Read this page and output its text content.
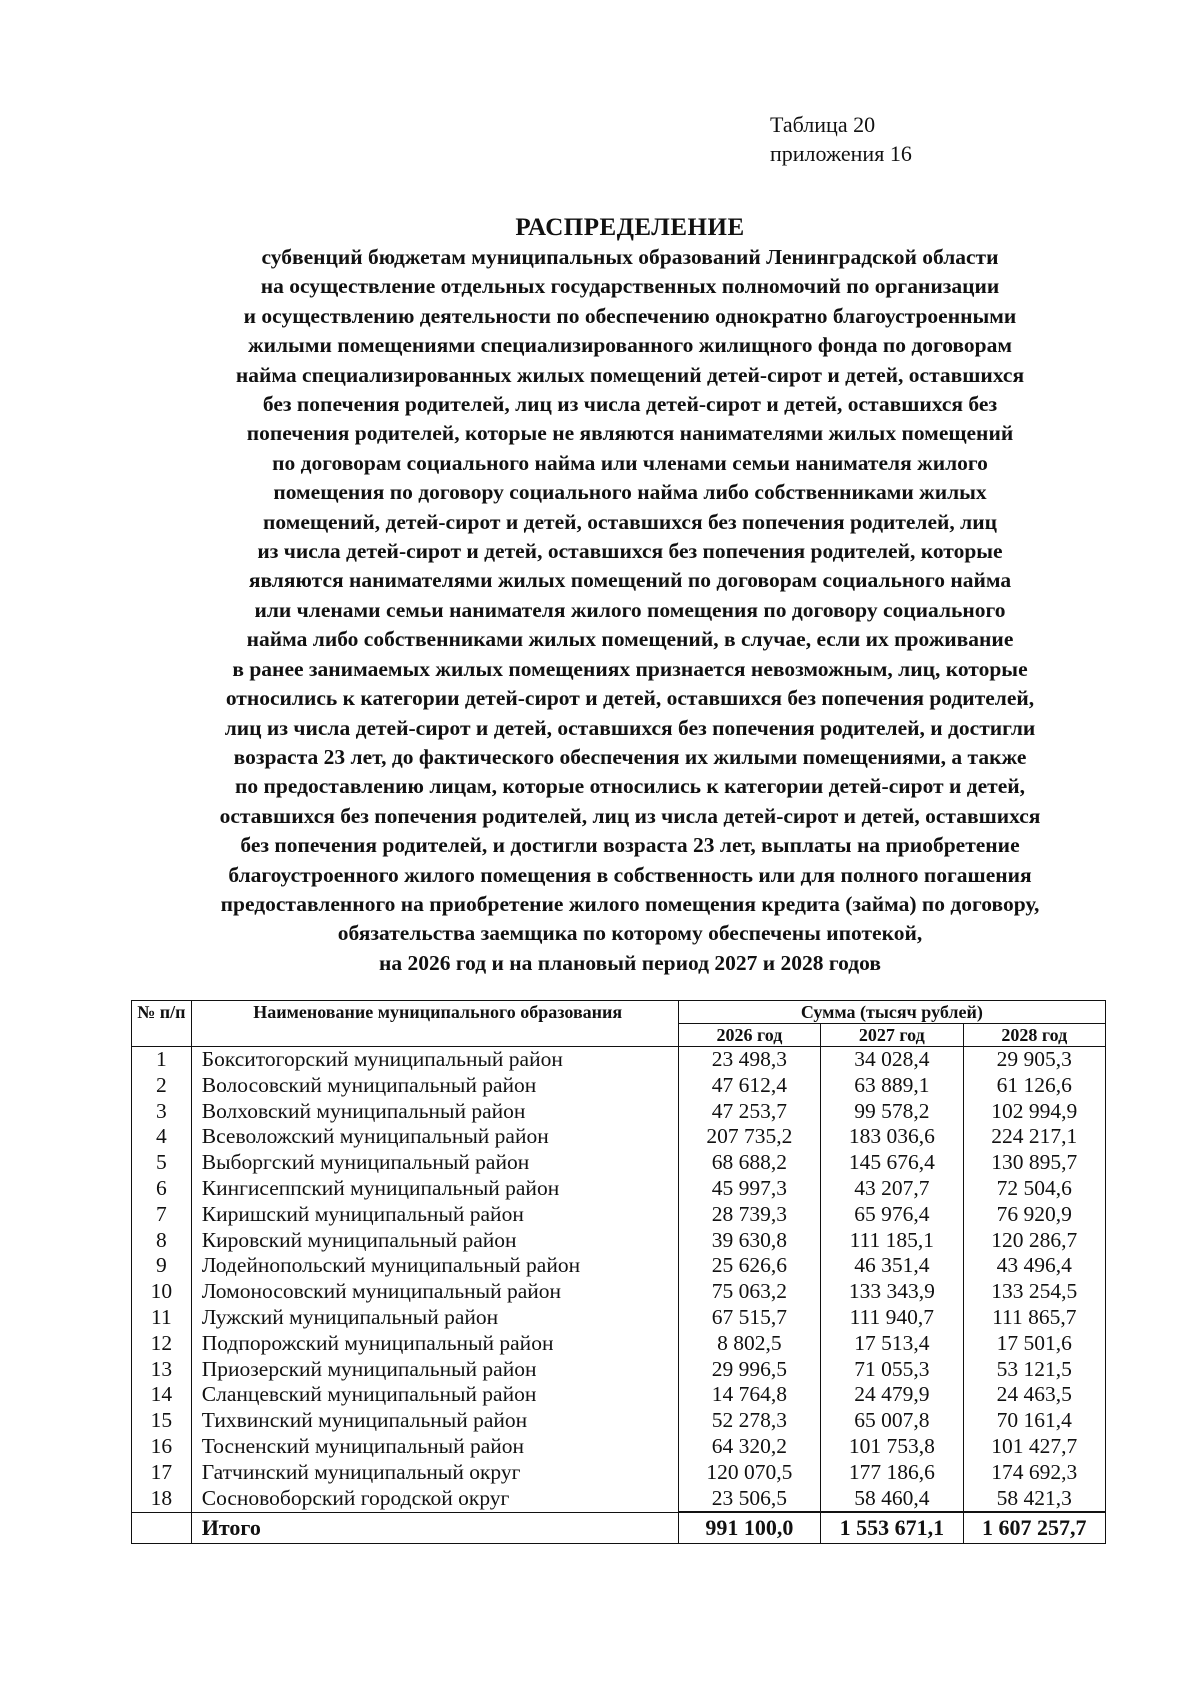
Таблица 20
приложения 16
РАСПРЕДЕЛЕНИЕ
субвенций бюджетам муниципальных образований Ленинградской области
на осуществление отдельных государственных полномочий по организации
и осуществлению деятельности по обеспечению однократно благоустроенными
жилыми помещениями специализированного жилищного фонда по договорам
найма специализированных жилых помещений детей-сирот и детей, оставшихся
без попечения родителей, лиц из числа детей-сирот и детей, оставшихся без
попечения родителей, которые не являются нанимателями жилых помещений
по договорам социального найма или членами семьи нанимателя жилого
помещения по договору социального найма либо собственниками жилых
помещений, детей-сирот и детей, оставшихся без попечения родителей, лиц
из числа детей-сирот и детей, оставшихся без попечения родителей, которые
являются нанимателями жилых помещений по договорам социального найма
или членами семьи нанимателя жилого помещения по договору социального
найма либо собственниками жилых помещений, в случае, если их проживание
в ранее занимаемых жилых помещениях признается невозможным, лиц, которые
относились к категории детей-сирот и детей, оставшихся без попечения родителей,
лиц из числа детей-сирот и детей, оставшихся без попечения родителей, и достигли
возраста 23 лет, до фактического обеспечения их жилыми помещениями, а также
по предоставлению лицам, которые относились к категории детей-сирот и детей,
оставшихся без попечения родителей, лиц из числа детей-сирот и детей, оставшихся
без попечения родителей, и достигли возраста 23 лет, выплаты на приобретение
благоустроенного жилого помещения в собственность или для полного погашения
предоставленного на приобретение жилого помещения кредита (займа) по договору,
обязательства заемщика по которому обеспечены ипотекой,
на 2026 год и на плановый период 2027 и 2028 годов
№ п/п	Наименование муниципального образования	Сумма (тысяч рублей)		
		2026 год	2027 год	2028 год
1	Бокситогорский муниципальный район	23 498,3	34 028,4	29 905,3
2	Волосовский муниципальный район	47 612,4	63 889,1	61 126,6
3	Волховский муниципальный район	47 253,7	99 578,2	102 994,9
4	Всеволожский муниципальный район	207 735,2	183 036,6	224 217,1
5	Выборгский муниципальный район	68 688,2	145 676,4	130 895,7
6	Кингисеппский муниципальный район	45 997,3	43 207,7	72 504,6
7	Киришский муниципальный район	28 739,3	65 976,4	76 920,9
8	Кировский муниципальный район	39 630,8	111 185,1	120 286,7
9	Лодейнопольский муниципальный район	25 626,6	46 351,4	43 496,4
10	Ломоносовский муниципальный район	75 063,2	133 343,9	133 254,5
11	Лужский муниципальный район	67 515,7	111 940,7	111 865,7
12	Подпорожский муниципальный район	8 802,5	17 513,4	17 501,6
13	Приозерский муниципальный район	29 996,5	71 055,3	53 121,5
14	Сланцевский муниципальный район	14 764,8	24 479,9	24 463,5
15	Тихвинский муниципальный район	52 278,3	65 007,8	70 161,4
16	Тосненский муниципальный район	64 320,2	101 753,8	101 427,7
17	Гатчинский муниципальный округ	120 070,5	177 186,6	174 692,3
18	Сосновоборский городской округ	23 506,5	58 460,4	58 421,3
	Итого	991 100,0	1 553 671,1	1 607 257,7
